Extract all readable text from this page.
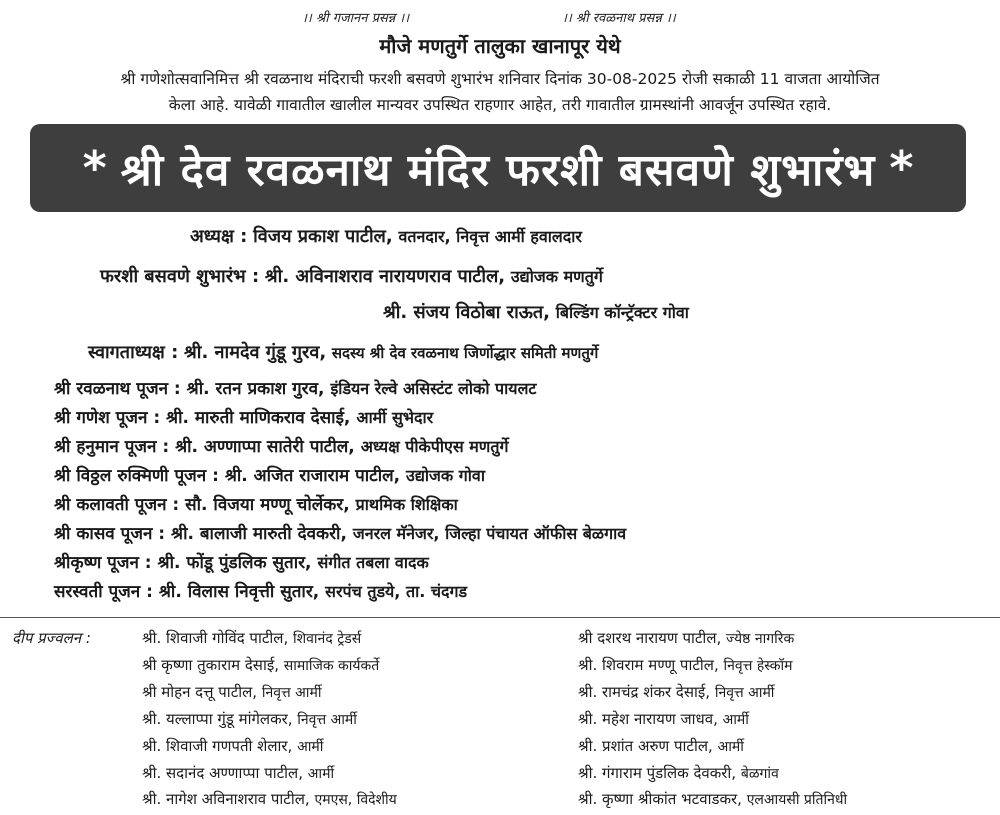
।। श्री गजानन प्रसन्न ।।	।। श्री रवळनाथ प्रसन्न ।।
मौजे मणतुर्गे तालुका खानापूर येथे
श्री गणेशोत्सवानिमित्त श्री रवळनाथ मंदिराची फरशी बसवणे शुभारंभ शनिवार दिनांक 30-08-2025 रोजी सकाळी 11 वाजता आयोजित
केला आहे. यावेळी गावातील खालील मान्यवर उपस्थित राहणार आहेत, तरी गावातील ग्रामस्थांनी आवर्जून उपस्थित रहावे.
* श्री देव रवळनाथ मंदिर फरशी बसवणे शुभारंभ *
अध्यक्ष : विजय प्रकाश पाटील, वतनदार, निवृत्त आर्मी हवालदार
फरशी बसवणे शुभारंभ : श्री. अविनाशराव नारायणराव पाटील, उद्योजक मणतुर्गे
श्री. संजय विठोबा राऊत, बिल्डिंग कॉन्ट्रॅक्टर गोवा
स्वागताध्यक्ष : श्री. नामदेव गुंडू गुरव, सदस्य श्री देव रवळनाथ जिर्णोद्धार समिती मणतुर्गे
श्री रवळनाथ पूजन : श्री. रतन प्रकाश गुरव, इंडियन रेल्वे असिस्टंट लोको पायलट
श्री गणेश पूजन : श्री. मारुती माणिकराव देसाई, आर्मी सुभेदार
श्री हनुमान पूजन : श्री. अण्णाप्पा सातेरी पाटील, अध्यक्ष पीकेपीएस मणतुर्गे
श्री विठ्ठल रुक्मिणी पूजन : श्री. अजित राजाराम पाटील, उद्योजक गोवा
श्री कलावती पूजन : सौ. विजया मण्णू चोर्लेकर, प्राथमिक शिक्षिका
श्री कासव पूजन : श्री. बालाजी मारुती देवकरी, जनरल मॅनेजर, जिल्हा पंचायत ऑफीस बेळगाव
श्रीकृष्ण पूजन : श्री. फोंडू पुंडलिक सुतार, संगीत तबला वादक
सरस्वती पूजन : श्री. विलास निवृत्ती सुतार, सरपंच तुडये, ता. चंदगड
दीप प्रज्वलन :	श्री. शिवाजी गोविंद पाटील, शिवानंद ट्रेडर्स
श्री कृष्णा तुकाराम देसाई, सामाजिक कार्यकर्ते
श्री मोहन दत्तू पाटील, निवृत्त आर्मी
श्री. यल्लाप्पा गुंडू मांगेलकर, निवृत्त आर्मी
श्री. शिवाजी गणपती शेलार, आर्मी
श्री. सदानंद अण्णाप्पा पाटील, आर्मी
श्री. नागेश अविनाशराव पाटील, एमएस, विदेशीय
श्री दशरथ नारायण पाटील, ज्येष्ठ नागरिक
श्री. शिवराम मण्णू पाटील, निवृत्त हेस्कॉम
श्री. रामचंद्र शंकर देसाई, निवृत्त आर्मी
श्री. महेश नारायण जाधव, आर्मी
श्री. प्रशांत अरुण पाटील, आर्मी
श्री. गंगाराम पुंडलिक देवकरी, बेळगांव
श्री. कृष्णा श्रीकांत भटवाडकर, एलआयसी प्रतिनिधी
